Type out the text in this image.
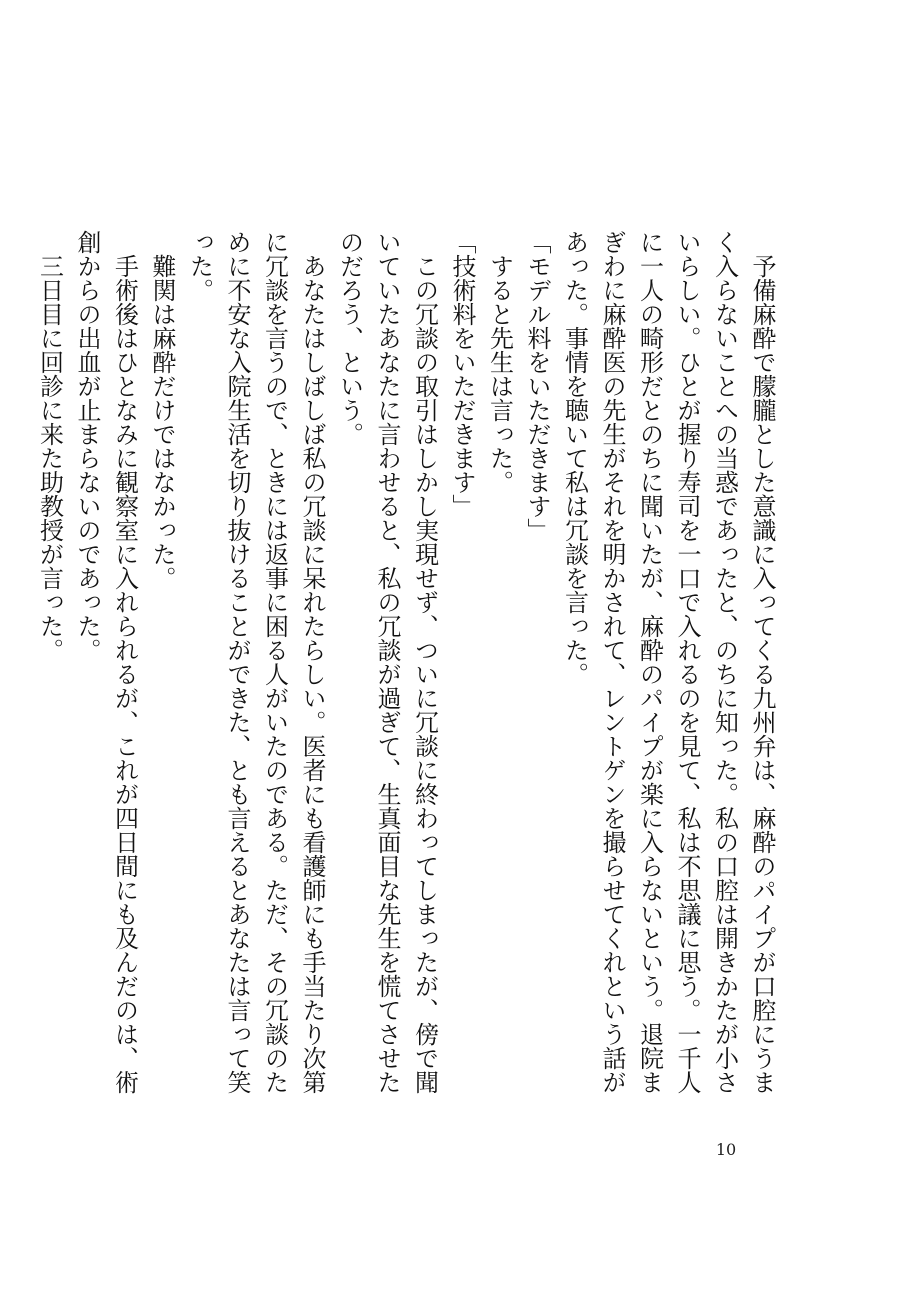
　予備麻酔で朦朧とした意識に入ってくる九州弁は、麻酔のパイプが口腔にうまく入らないことへの当惑であったと、のちに知った。私の口腔は開きかたが小さいらしい。ひとが握り寿司を一口で入れるのを見て、私は不思議に思う。一千人に一人の畸形だとのちに聞いたが、麻酔のパイプが楽に入らないという。退院まぎわに麻酔医の先生がそれを明かされて、レントゲンを撮らせてくれという話があった。事情を聴いて私は冗談を言った。

「モデル料をいただきます」

　すると先生は言った。

「技術料をいただきます」

　この冗談の取引はしかし実現せず、ついに冗談に終わってしまったが、傍で聞いていたあなたに言わせると、私の冗談が過ぎて、生真面目な先生を慌てさせたのだろう、という。

　あなたはしばしば私の冗談に呆れたらしい。医者にも看護師にも手当たり次第に冗談を言うので、ときには返事に困る人がいたのである。ただ、その冗談のために不安な入院生活を切り抜けることができた、とも言えるとあなたは言って笑った。

　難関は麻酔だけではなかった。

　手術後はひとなみに観察室に入れられるが、これが四日間にも及んだのは、術創からの出血が止まらないのであった。

　三日目に回診に来た助教授が言った。

10
